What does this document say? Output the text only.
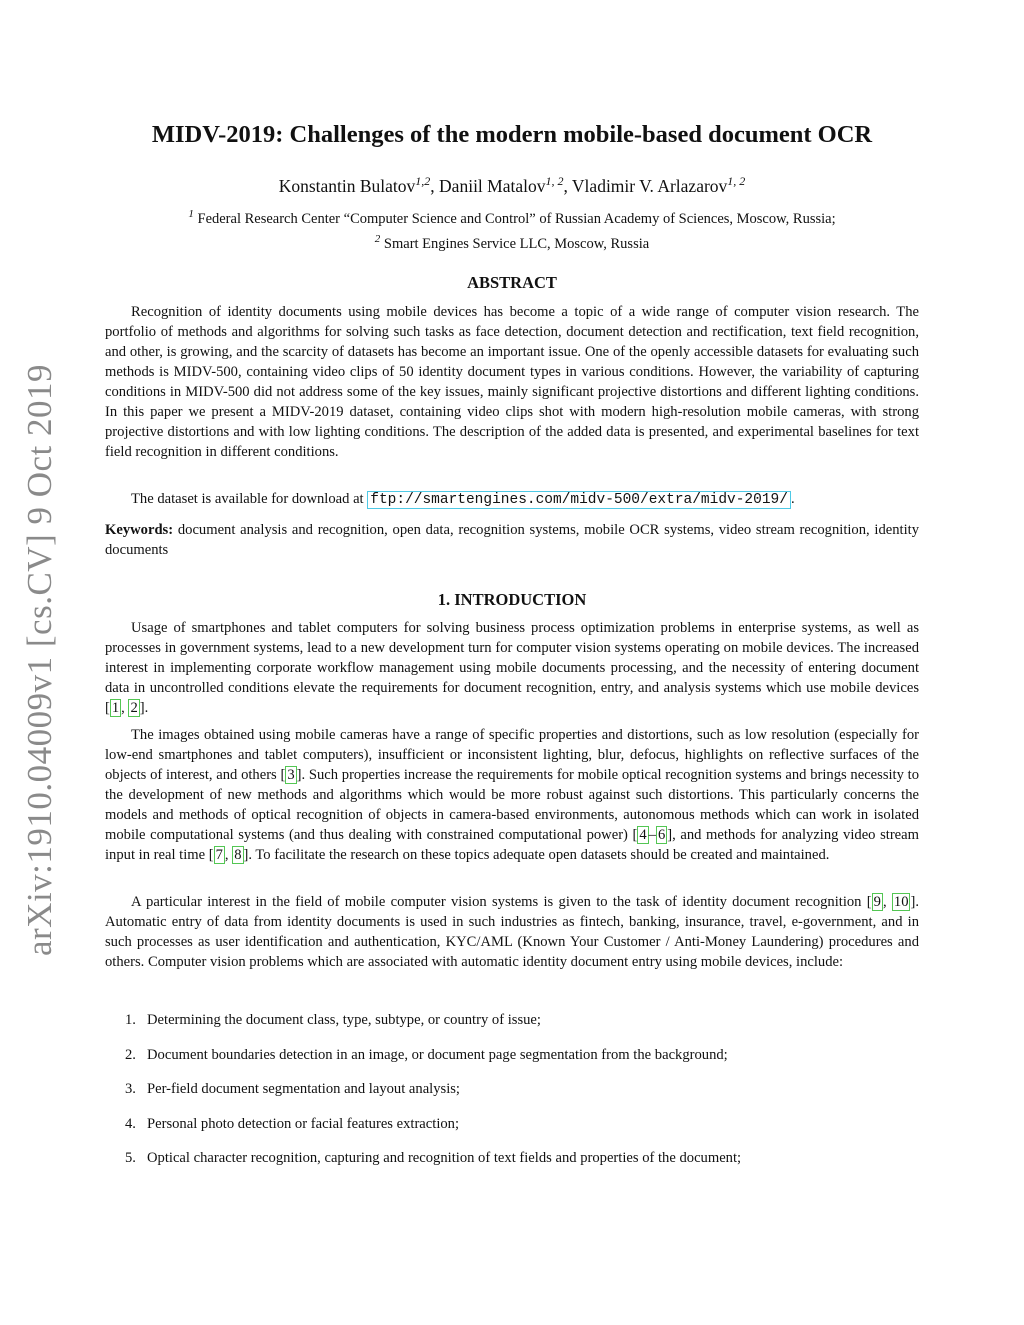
arXiv:1910.04009v1 [cs.CV] 9 Oct 2019
MIDV-2019: Challenges of the modern mobile-based document OCR
Konstantin Bulatov$^{1,2}$, Daniil Matalov$^{1, 2}$, Vladimir V. Arlazarov$^{1, 2}$
$^1$ Federal Research Center “Computer Science and Control” of Russian Academy of Sciences, Moscow, Russia;
$^2$ Smart Engines Service LLC, Moscow, Russia
ABSTRACT

Recognition of identity documents using mobile devices has become a topic of a wide range of computer vision research. The portfolio of methods and algorithms for solving such tasks as face detection, document detection and rectification, text field recognition, and other, is growing, and the scarcity of datasets has become an important issue. One of the openly accessible datasets for evaluating such methods is MIDV-500, containing video clips of 50 identity document types in various conditions. However, the variability of capturing conditions in MIDV-500 did not address some of the key issues, mainly significant projective distortions and different lighting conditions. In this paper we present a MIDV-2019 dataset, containing video clips shot with modern high-resolution mobile cameras, with strong projective distortions and with low lighting conditions. The description of the added data is presented, and experimental baselines for text field recognition in different conditions.

The dataset is available for download at ftp://smartengines.com/midv-500/extra/midv-2019/ .

Keywords: document analysis and recognition, open data, recognition systems, mobile OCR systems, video stream recognition, identity documents

1. INTRODUCTION

Usage of smartphones and tablet computers for solving business process optimization problems in enterprise systems, as well as processes in government systems, lead to a new development turn for computer vision systems operating on mobile devices. The increased interest in implementing corporate workflow management using mobile documents processing, and the necessity of entering document data in uncontrolled conditions elevate the requirements for document recognition, entry, and analysis systems which use mobile devices [ 1 , 2 ].

The images obtained using mobile cameras have a range of specific properties and distortions, such as low resolution (especially for low-end smartphones and tablet computers), insufficient or inconsistent lighting, blur, defocus, highlights on reflective surfaces of the objects of interest, and others [ 3 ]. Such properties increase the requirements for mobile optical recognition systems and brings necessity to the development of new methods and algorithms which would be more robust against such distortions. This particularly concerns the models and methods of optical recognition of objects in camera-based environments, autonomous methods which can work in isolated mobile computational systems (and thus dealing with constrained computational power) [ 4 – 6 ], and methods for analyzing video stream input in real time [ 7 , 8 ]. To facilitate the research on these topics adequate open datasets should be created and maintained.

A particular interest in the field of mobile computer vision systems is given to the task of identity document recognition [ 9 , 10 ]. Automatic entry of data from identity documents is used in such industries as fintech, banking, insurance, travel, e-government, and in such processes as user identification and authentication, KYC/AML (Known Your Customer / Anti-Money Laundering) procedures and others. Computer vision problems which are associated with automatic identity document entry using mobile devices, include:

1. Determining the document class, type, subtype, or country of issue;
2. Document boundaries detection in an image, or document page segmentation from the background;
3. Per-field document segmentation and layout analysis;
4. Personal photo detection or facial features extraction;
5. Optical character recognition, capturing and recognition of text fields and properties of the document;
